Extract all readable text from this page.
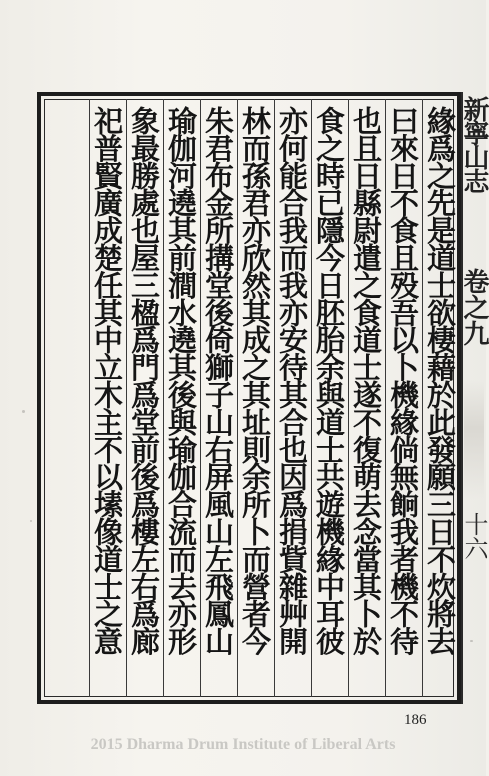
緣爲之先是道士欲棲藉於此發願三日不炊將去
曰來日不食且殁吾以卜機緣倘無餉我者機不待
也且日縣尉遣之食道士遂不復萌去念當其卜於
食之時已隱今日胚胎余與道士共遊機緣中耳彼
亦何能合我而我亦安待其合也因爲捐貲雜艸開
林而孫君亦欣然其成之其址則余所卜而營者今
朱君布金所搆堂後倚獅子山右屏風山左飛鳳山
瑜伽河遶其前澗水遶其後與瑜伽合流而去亦形
象最勝處也屋三楹爲門爲堂前後爲樓左右爲廊
祀普賢廣成楚任其中立木主不以塐像道士之意	新寧山志
卷之九
十六
186
2015 Dharma Drum Institute of Liberal Arts
